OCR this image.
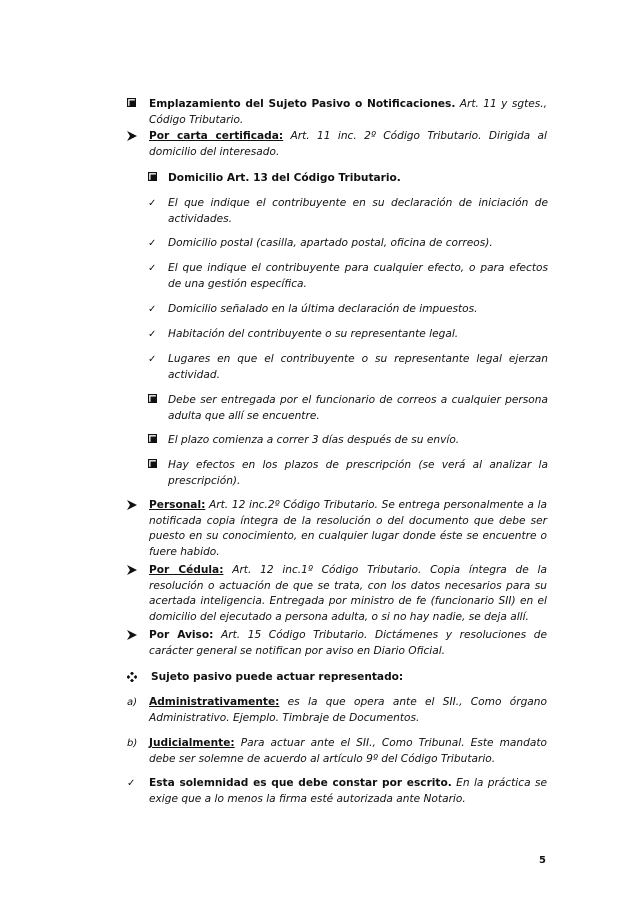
Emplazamiento del Sujeto Pasivo o Notificaciones. Art. 11 y sgtes., Código Tributario.
Por carta certificada: Art. 11 inc. 2º Código Tributario. Dirigida al domicilio del interesado.
Domicilio Art. 13 del Código Tributario.
✓	El que indique el contribuyente en su declaración de iniciación de actividades.
✓	Domicilio postal (casilla, apartado postal, oficina de correos).
✓	El que indique el contribuyente para cualquier efecto, o para efectos de una gestión específica.
✓	Domicilio señalado en la última declaración de impuestos.
✓	Habitación del contribuyente o su representante legal.
✓	Lugares en que el contribuyente o su representante legal ejerzan actividad.
Debe ser entregada por el funcionario de correos a cualquier persona adulta que allí se encuentre.
El plazo comienza a correr 3 días después de su envío.
Hay efectos en los plazos de prescripción (se verá al analizar la prescripción).
Personal: Art. 12 inc.2º Código Tributario. Se entrega personalmente a la notificada copia íntegra de la resolución o del documento que debe ser puesto en su conocimiento, en cualquier lugar donde éste se encuentre o fuere habido.
Por Cédula: Art. 12 inc.1º Código Tributario. Copia íntegra de la resolución o actuación de que se trata, con los datos necesarios para su acertada inteligencia. Entregada por ministro de fe (funcionario SII) en el domicilio del ejecutado a persona adulta, o si no hay nadie, se deja allí.
Por Aviso: Art. 15 Código Tributario. Dictámenes y resoluciones de carácter general se notifican por aviso en Diario Oficial.
Sujeto pasivo puede actuar representado:
a)	Administrativamente: es la que opera ante el SII., Como órgano Administrativo. Ejemplo. Timbraje de Documentos.
b)	Judicialmente: Para actuar ante el SII., Como Tribunal. Este mandato debe ser solemne de acuerdo al artículo 9º del Código Tributario.
✓	Esta solemnidad es que debe constar por escrito. En la práctica se exige que a lo menos la firma esté autorizada ante Notario.
5
